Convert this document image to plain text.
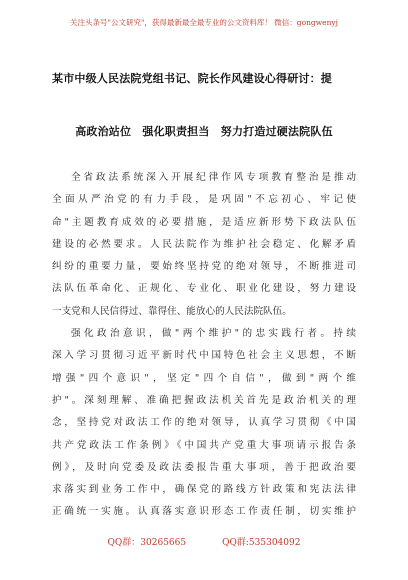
关注头条号"公文研究"，获得最新最全最专业的公文资料库！ 微信：gongwenyj
某市中级人民法院党组书记、院长作风建设心得研讨：提
高政治站位　强化职责担当　努力打造过硬法院队伍
全省政法系统深入开展纪律作风专项教育整治是推动
全面从严治党的有力手段，是巩固"不忘初心、牢记使
命"主题教育成效的必要措施，是适应新形势下政法队伍
建设的必然要求。人民法院作为维护社会稳定、化解矛盾
纠纷的重要力量，要始终坚持党的绝对领导，不断推进司
法队伍革命化、正规化、专业化、职业化建设，努力建设
一支党和人民信得过、靠得住、能放心的人民法院队伍。
强化政治意识，做"两个维护"的忠实践行者。持续
深入学习贯彻习近平新时代中国特色社会主义思想，不断
增强"四个意识"，坚定"四个自信"，做到"两个维
护"。深刻理解、准确把握政法机关首先是政治机关的理
念，坚持党对政法工作的绝对领导，认真学习贯彻《中国
共产党政法工作条例》《中国共产党重大事项请示报告条
例》，及时向党委及政法委报告重大事项，善于把政治要
求落实到业务工作中，确保党的路线方针政策和宪法法律
正确统一实施。认真落实意识形态工作责任制，切实维护
QQ群：30265665	QQ群:535304092
